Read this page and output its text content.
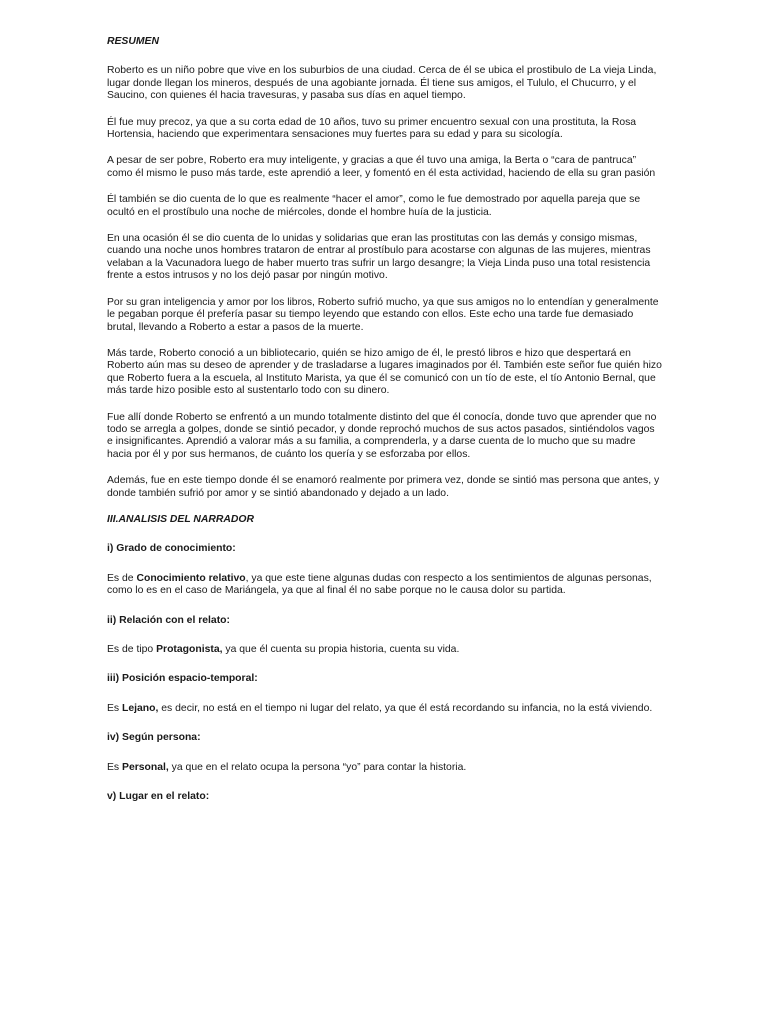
RESUMEN

Roberto es un niño pobre que vive en los suburbios de una ciudad. Cerca de él se ubica el prostibulo de La vieja Linda, lugar donde llegan los mineros, después de una agobiante jornada. Él tiene sus amigos, el Tululo, el Chucurro, y el Saucino, con quienes él hacia travesuras, y pasaba sus días en aquel tiempo.

Él fue muy precoz, ya que a su corta edad de 10 años, tuvo su primer encuentro sexual con una prostituta, la Rosa Hortensia, haciendo que experimentara sensaciones muy fuertes para su edad y para su sicología.

A pesar de ser pobre, Roberto era muy inteligente, y gracias a que él tuvo una amiga, la Berta o “cara de pantruca” como él mismo le puso más tarde, este aprendió a leer, y fomentó en él esta actividad, haciendo de ella su gran pasión

Él también se dio cuenta de lo que es realmente “hacer el amor”, como le fue demostrado por aquella pareja que se ocultó en el prostíbulo una noche de miércoles, donde el hombre huía de la justicia.

En una ocasión él se dio cuenta de lo unidas y solidarias que eran las prostitutas con las demás y consigo mismas, cuando una noche unos hombres trataron de entrar al prostíbulo para acostarse con algunas de las mujeres, mientras velaban a la Vacunadora luego de haber muerto tras sufrir un largo desangre; la Vieja Linda puso una total resistencia frente a estos intrusos y no los dejó pasar por ningún motivo.

Por su gran inteligencia y amor por los libros, Roberto sufrió mucho, ya que sus amigos no lo entendían y generalmente le pegaban porque él prefería pasar su tiempo leyendo que estando con ellos. Este echo una tarde fue demasiado brutal, llevando a Roberto a estar a pasos de la muerte.

Más tarde, Roberto conoció a un bibliotecario, quién se hizo amigo de él, le prestó libros e hizo que despertará en Roberto aún mas su deseo de aprender y de trasladarse a lugares imaginados por él. También este señor fue quién hizo que Roberto fuera a la escuela, al Instituto Marista, ya que él se comunicó con un tío de este, el tío Antonio Bernal, que más tarde hizo posible esto al sustentarlo todo con su dinero.

Fue allí donde Roberto se enfrentó a un mundo totalmente distinto del que él conocía, donde tuvo que aprender que no todo se arregla a golpes, donde se sintió pecador, y donde reprochó muchos de sus actos pasados, sintiéndolos vagos e insignificantes. Aprendió a valorar más a su familia, a comprenderla, y a darse cuenta de lo mucho que su madre hacia por él y por sus hermanos, de cuánto los quería y se esforzaba por ellos.

Además, fue en este tiempo donde él se enamoró realmente por primera vez, donde se sintió mas persona que antes, y donde también sufrió por amor y se sintió abandonado y dejado a un lado.

III.ANALISIS DEL NARRADOR

i) Grado de conocimiento:

Es de Conocimiento relativo, ya que este tiene algunas dudas con respecto a los sentimientos de algunas personas, como lo es en el caso de Mariángela, ya que al final él no sabe porque no le causa dolor su partida.

ii) Relación con el relato:

Es de tipo Protagonista, ya que él cuenta su propia historia, cuenta su vida.

iii) Posición espacio-temporal:

Es Lejano, es decir, no está en el tiempo ni lugar del relato, ya que él está recordando su infancia, no la está viviendo.

iv) Según persona:

Es Personal, ya que en el relato ocupa la persona “yo” para contar la historia.

v) Lugar en el relato:
